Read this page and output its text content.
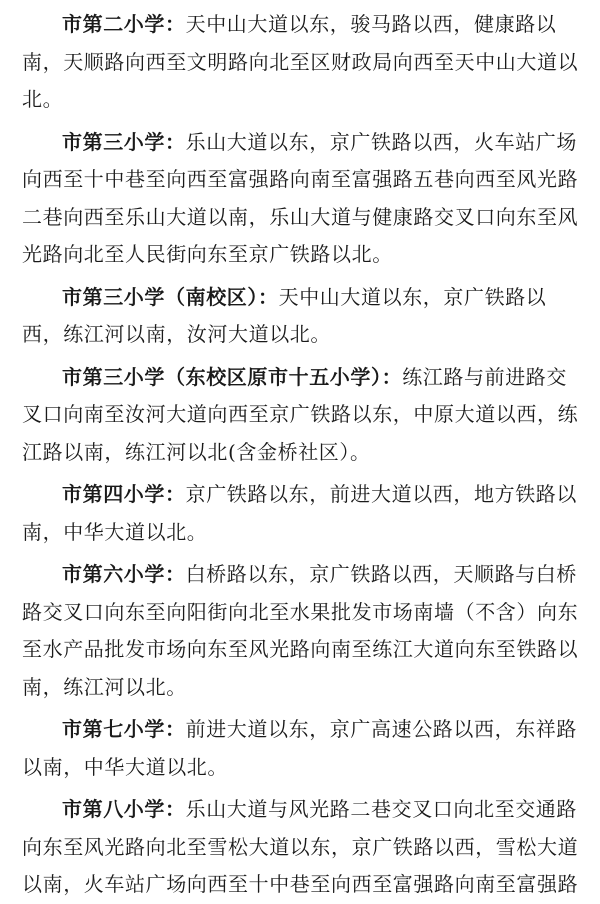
市第二小学：天中山大道以东，骏马路以西，健康路以南，天顺路向西至文明路向北至区财政局向西至天中山大道以北。

市第三小学：乐山大道以东，京广铁路以西，火车站广场向西至十中巷至向西至富强路向南至富强路五巷向西至风光路二巷向西至乐山大道以南，乐山大道与健康路交叉口向东至风光路向北至人民街向东至京广铁路以北。

市第三小学（南校区）：天中山大道以东，京广铁路以西，练江河以南，汝河大道以北。

市第三小学（东校区原市十五小学）：练江路与前进路交叉口向南至汝河大道向西至京广铁路以东，中原大道以西，练江路以南，练江河以北(含金桥社区）。

市第四小学：京广铁路以东，前进大道以西，地方铁路以南，中华大道以北。

市第六小学：白桥路以东，京广铁路以西，天顺路与白桥路交叉口向东至向阳街向北至水果批发市场南墙（不含）向东至水产品批发市场向东至风光路向南至练江大道向东至铁路以南，练江河以北。

市第七小学：前进大道以东，京广高速公路以西，东祥路以南，中华大道以北。

市第八小学：乐山大道与风光路二巷交叉口向北至交通路向东至风光路向北至雪松大道以东，京广铁路以西，雪松大道以南，火车站广场向西至十中巷至向西至富强路向南至富强路
